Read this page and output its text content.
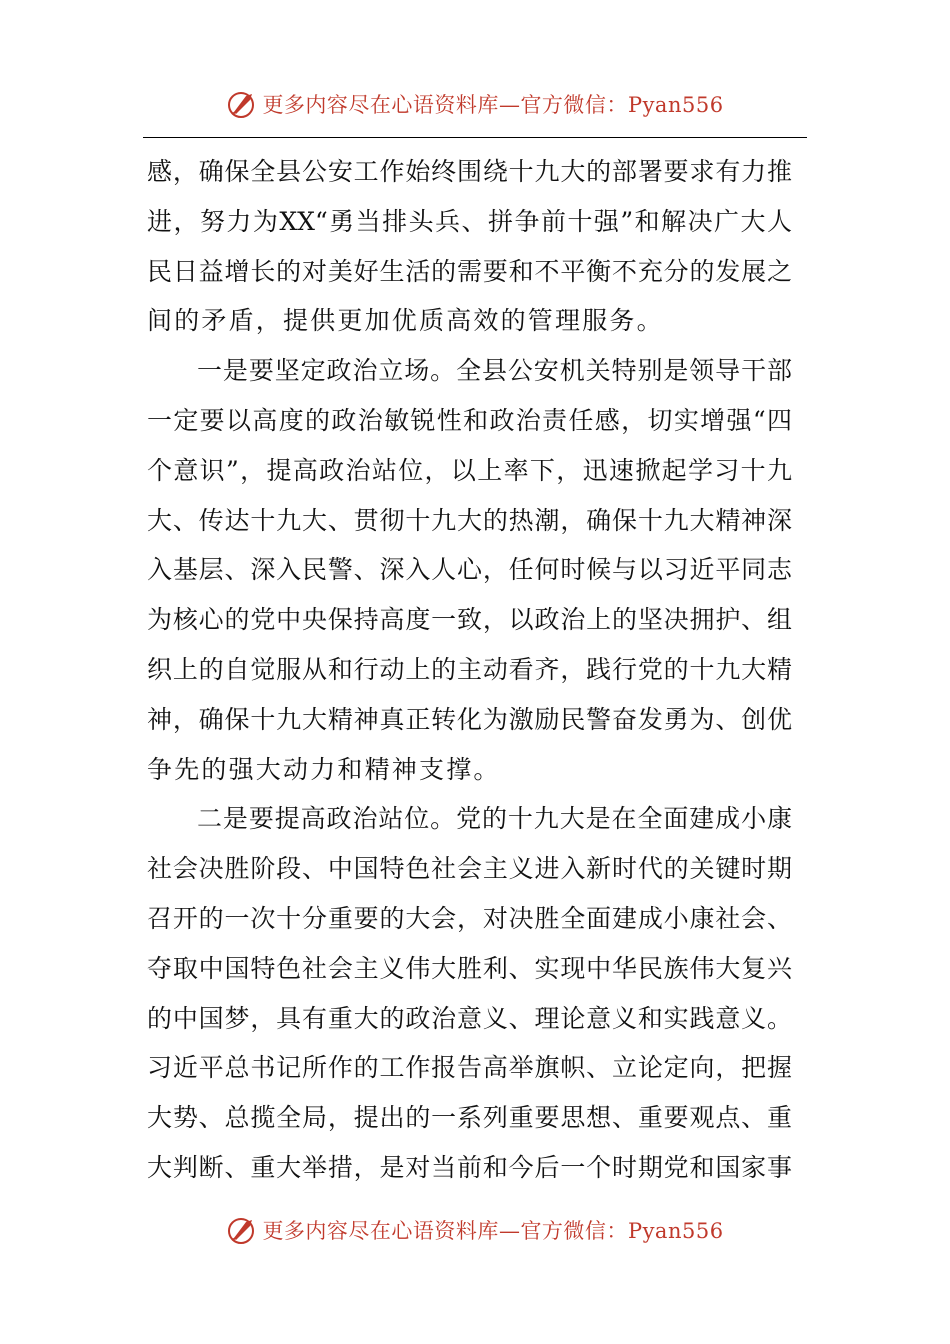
更多内容尽在心语资料库—官方微信：Pyan556
感，确保全县公安工作始终围绕十九大的部署要求有力推
进，努力为XX“勇当排头兵、拼争前十强”和解决广大人
民日益增长的对美好生活的需要和不平衡不充分的发展之
间的矛盾，提供更加优质高效的管理服务。
一是要坚定政治立场。全县公安机关特别是领导干部
一定要以高度的政治敏锐性和政治责任感，切实增强“四
个意识”，提高政治站位，以上率下，迅速掀起学习十九
大、传达十九大、贯彻十九大的热潮，确保十九大精神深
入基层、深入民警、深入人心，任何时候与以习近平同志
为核心的党中央保持高度一致，以政治上的坚决拥护、组
织上的自觉服从和行动上的主动看齐，践行党的十九大精
神，确保十九大精神真正转化为激励民警奋发勇为、创优
争先的强大动力和精神支撑。
二是要提高政治站位。党的十九大是在全面建成小康
社会决胜阶段、中国特色社会主义进入新时代的关键时期
召开的一次十分重要的大会，对决胜全面建成小康社会、
夺取中国特色社会主义伟大胜利、实现中华民族伟大复兴
的中国梦，具有重大的政治意义、理论意义和实践意义。
习近平总书记所作的工作报告高举旗帜、立论定向，把握
大势、总揽全局，提出的一系列重要思想、重要观点、重
大判断、重大举措，是对当前和今后一个时期党和国家事
更多内容尽在心语资料库—官方微信：Pyan556
